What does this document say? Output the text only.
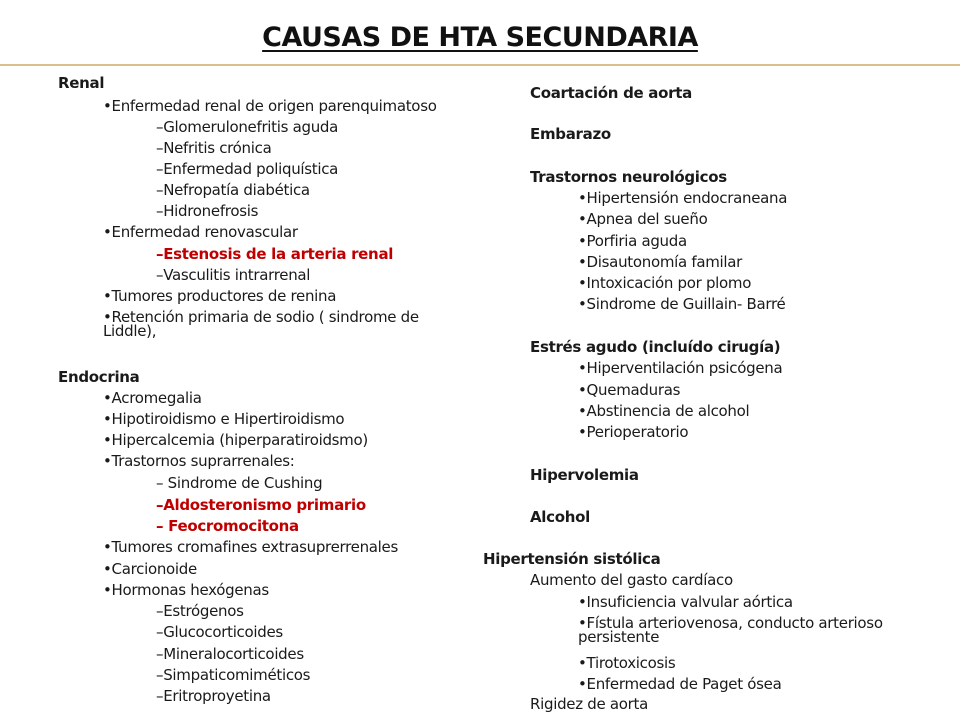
CAUSAS DE HTA SECUNDARIA
Renal
•Enfermedad renal de origen parenquimatoso
–Glomerulonefritis aguda
–Nefritis crónica
–Enfermedad poliquística
–Nefropatía diabética
–Hidronefrosis
•Enfermedad renovascular
–Estenosis de la arteria renal
–Vasculitis intrarrenal
•Tumores productores de renina
•Retención primaria de sodio ( sindrome de Liddle),
Endocrina
•Acromegalia
•Hipotiroidismo e Hipertiroidismo
•Hipercalcemia (hiperparatiroidsmo)
•Trastornos suprarrenales:
– Sindrome de Cushing
–Aldosteronismo primario
– Feocromocitona
•Tumores cromafines extrasuprerrenales
•Carcionoide
•Hormonas hexógenas
–Estrógenos
–Glucocorticoides
–Mineralocorticoides
–Simpaticomiméticos
–Eritroproyetina
Coartación de aorta
Embarazo
Trastornos neurológicos
•Hipertensión endocraneana
•Apnea del sueño
•Porfiria aguda
•Disautonomía familar
•Intoxicación por plomo
•Sindrome de Guillain- Barré
Estrés agudo (incluído cirugía)
•Hiperventilación psicógena
•Quemaduras
•Abstinencia de alcohol
•Perioperatorio
Hipervolemia
Alcohol
Hipertensión sistólica
Aumento del gasto cardíaco
•Insuficiencia valvular aórtica
•Fístula arteriovenosa, conducto arterioso persistente
•Tirotoxicosis
•Enfermedad de Paget ósea
Rigidez de aorta
